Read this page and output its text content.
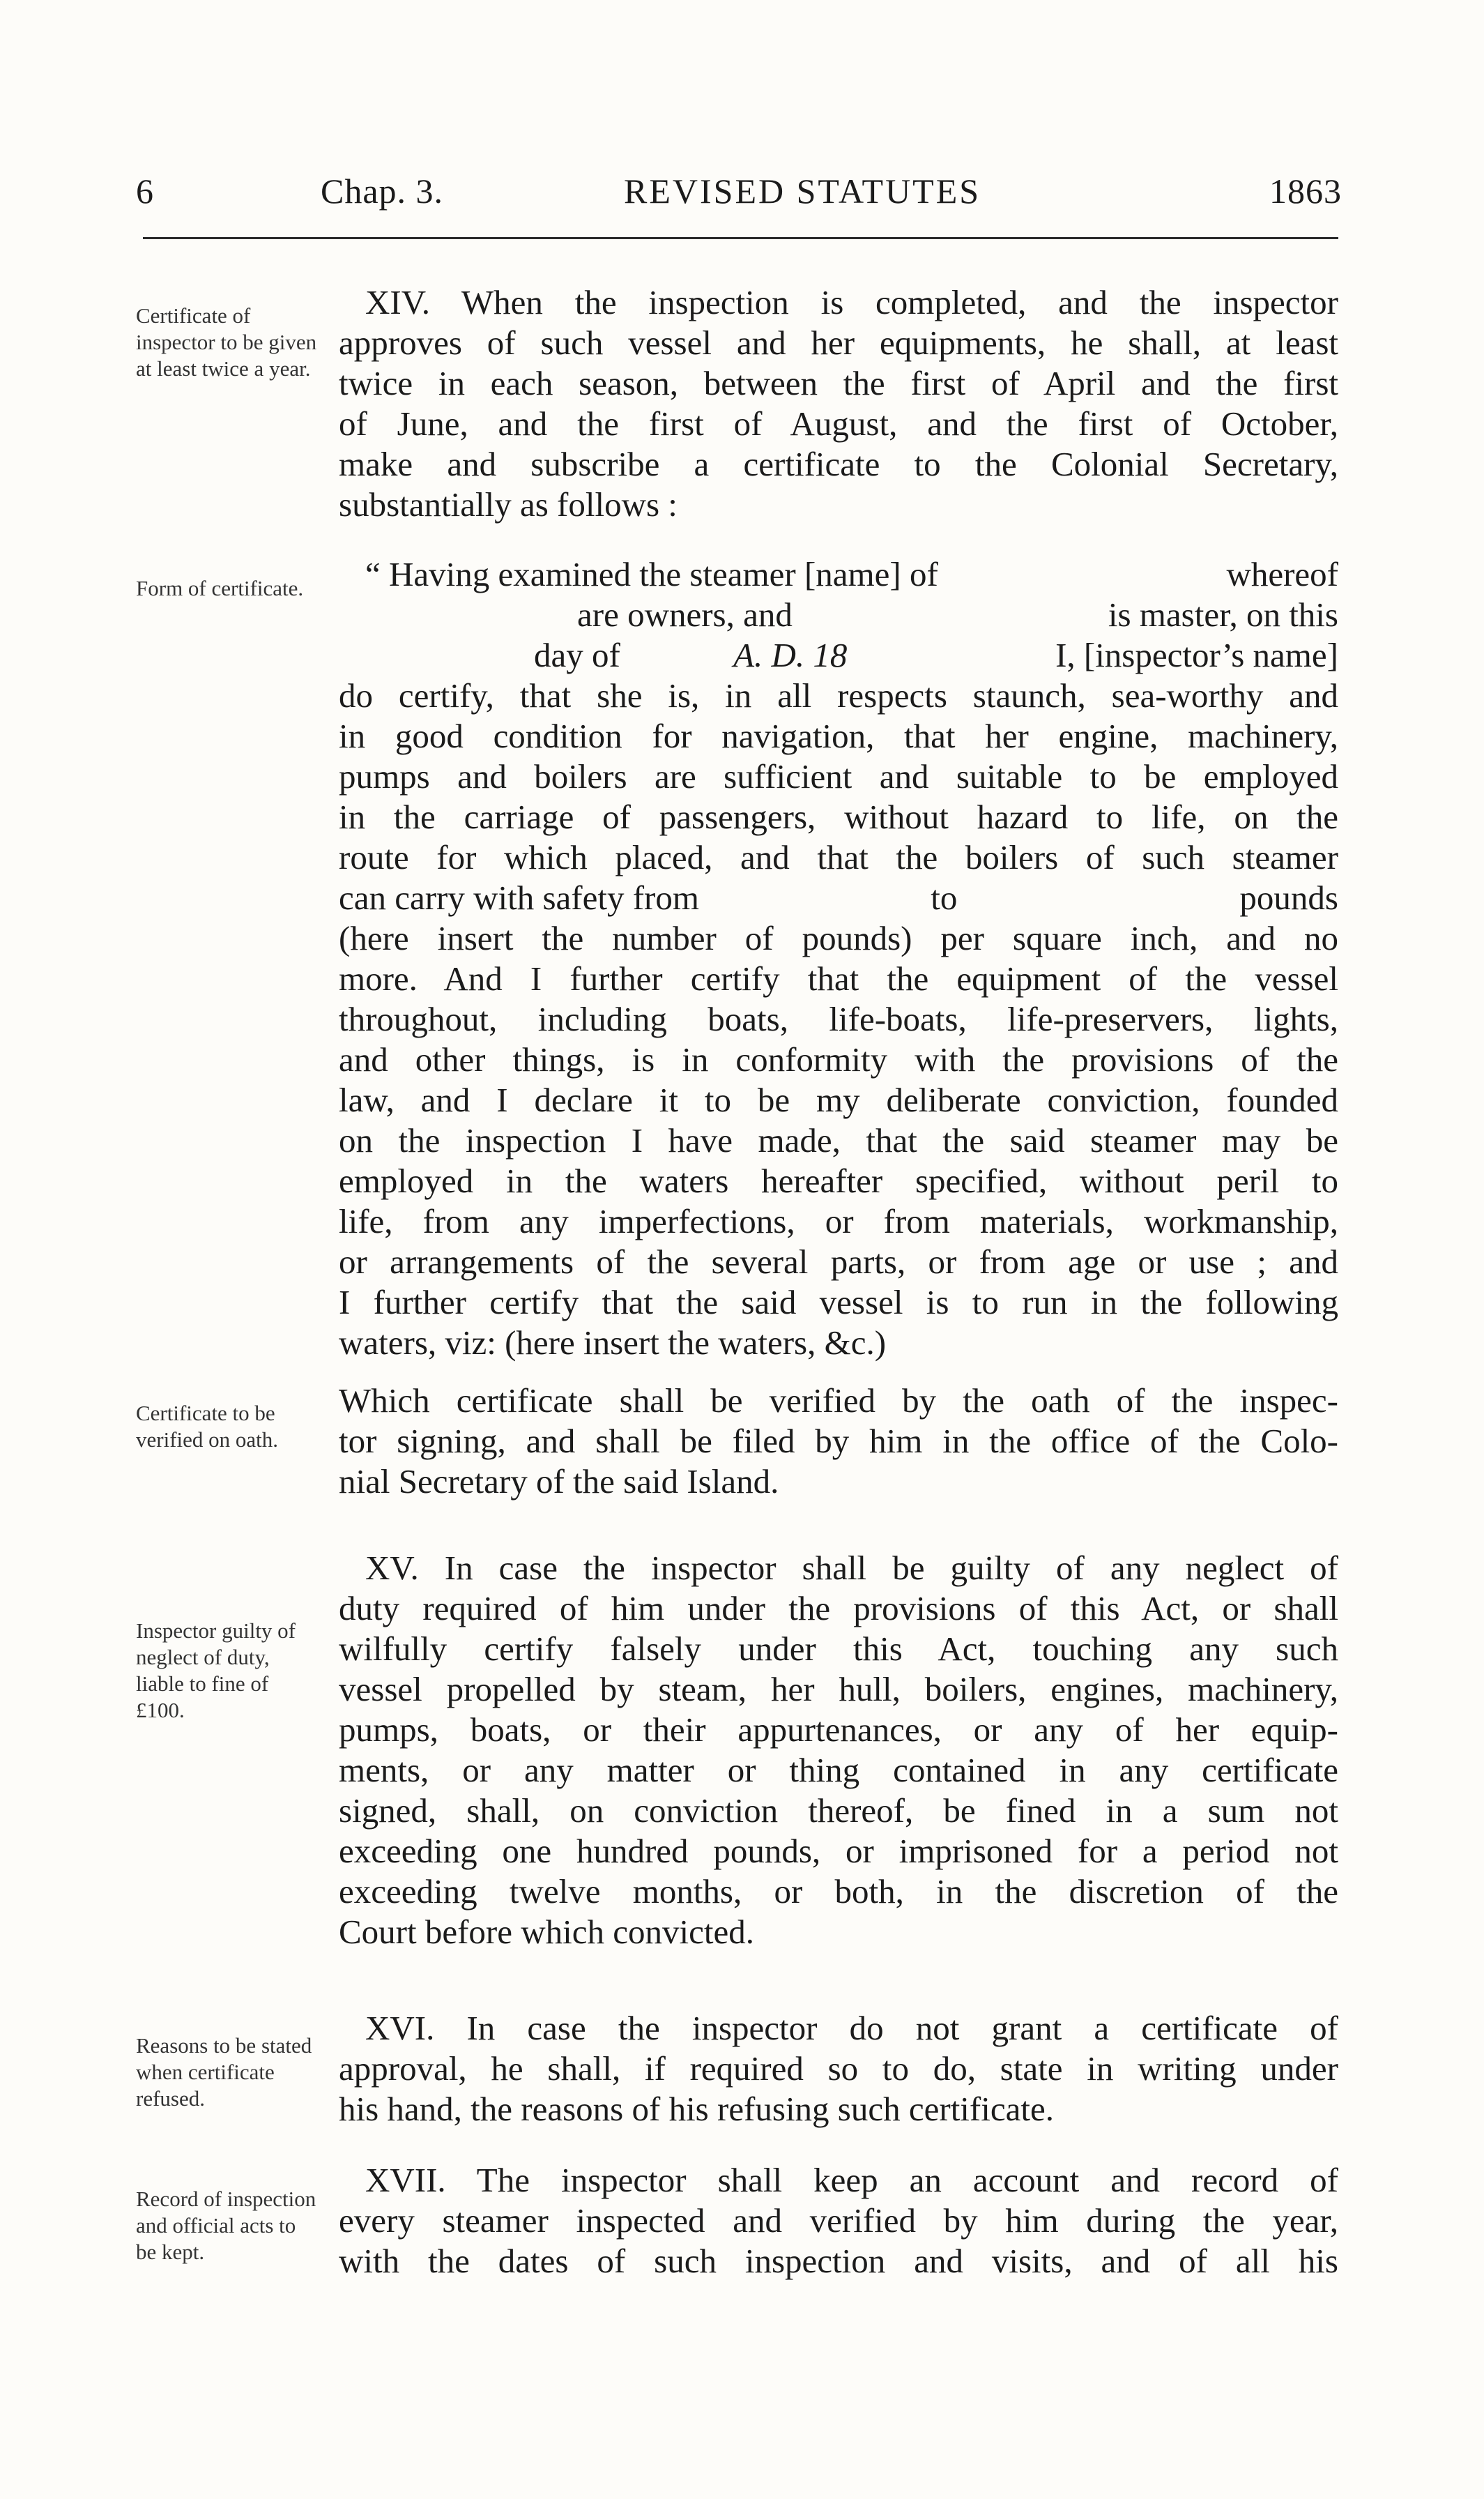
6	Chap. 3.	REVISED STATUTES	1863
Certificate of inspector to be given at least twice a year.
Form of certificate.
Certificate to be verified on oath.
Inspector guilty of neglect of duty, liable to fine of £100.
Reasons to be stated when certificate refused.
Record of inspection and official acts to be kept.
XIV. When the inspection is completed, and the inspector
approves of such vessel and her equipments, he shall, at least
twice in each season, between the first of April and the first
of June, and the first of August, and the first of October,
make and subscribe a certificate to the Colonial Secretary,
substantially as follows :
“ Having examined the steamer [name] of	whereof
are owners, and	is master, on this
day of	A. D. 18	I, [inspector’s name]
do certify, that she is, in all respects staunch, sea-worthy and
in good condition for navigation, that her engine, machinery,
pumps and boilers are sufficient and suitable to be employed
in the carriage of passengers, without hazard to life, on the
route for which placed, and that the boilers of such steamer
can carry with safety from	to	pounds
(here insert the number of pounds) per square inch, and no
more. And I further certify that the equipment of the vessel
throughout, including boats, life-boats, life-preservers, lights,
and other things, is in conformity with the provisions of the
law, and I declare it to be my deliberate conviction, founded
on the inspection I have made, that the said steamer may be
employed in the waters hereafter specified, without peril to
life, from any imperfections, or from materials, workmanship,
or arrangements of the several parts, or from age or use ; and
I further certify that the said vessel is to run in the following
waters, viz: (here insert the waters, &c.)
Which certificate shall be verified by the oath of the inspec-
tor signing, and shall be filed by him in the office of the Colo-
nial Secretary of the said Island.
XV. In case the inspector shall be guilty of any neglect of
duty required of him under the provisions of this Act, or shall
wilfully certify falsely under this Act, touching any such
vessel propelled by steam, her hull, boilers, engines, machinery,
pumps, boats, or their appurtenances, or any of her equip-
ments, or any matter or thing contained in any certificate
signed, shall, on conviction thereof, be fined in a sum not
exceeding one hundred pounds, or imprisoned for a period not
exceeding twelve months, or both, in the discretion of the
Court before which convicted.
XVI. In case the inspector do not grant a certificate of
approval, he shall, if required so to do, state in writing under
his hand, the reasons of his refusing such certificate.
XVII. The inspector shall keep an account and record of
every steamer inspected and verified by him during the year,
with the dates of such inspection and visits, and of all his
